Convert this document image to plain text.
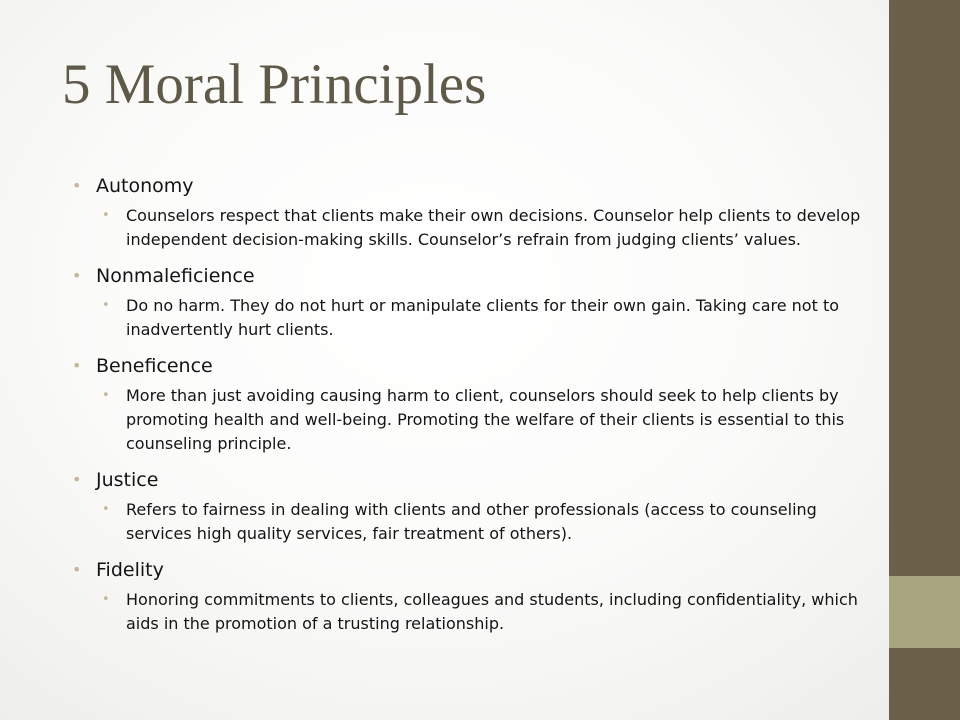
5 Moral Principles
• Autonomy
• Counselors respect that clients make their own decisions. Counselor help clients to develop independent decision-making skills. Counselor’s refrain from judging clients’ values.
• Nonmaleficience
• Do no harm. They do not hurt or manipulate clients for their own gain. Taking care not to inadvertently hurt clients.
• Beneficence
• More than just avoiding causing harm to client, counselors should seek to help clients by promoting health and well-being. Promoting the welfare of their clients is essential to this counseling principle.
• Justice
• Refers to fairness in dealing with clients and other professionals (access to counseling services high quality services, fair treatment of others).
• Fidelity
• Honoring commitments to clients, colleagues and students, including confidentiality, which aids in the promotion of a trusting relationship.
